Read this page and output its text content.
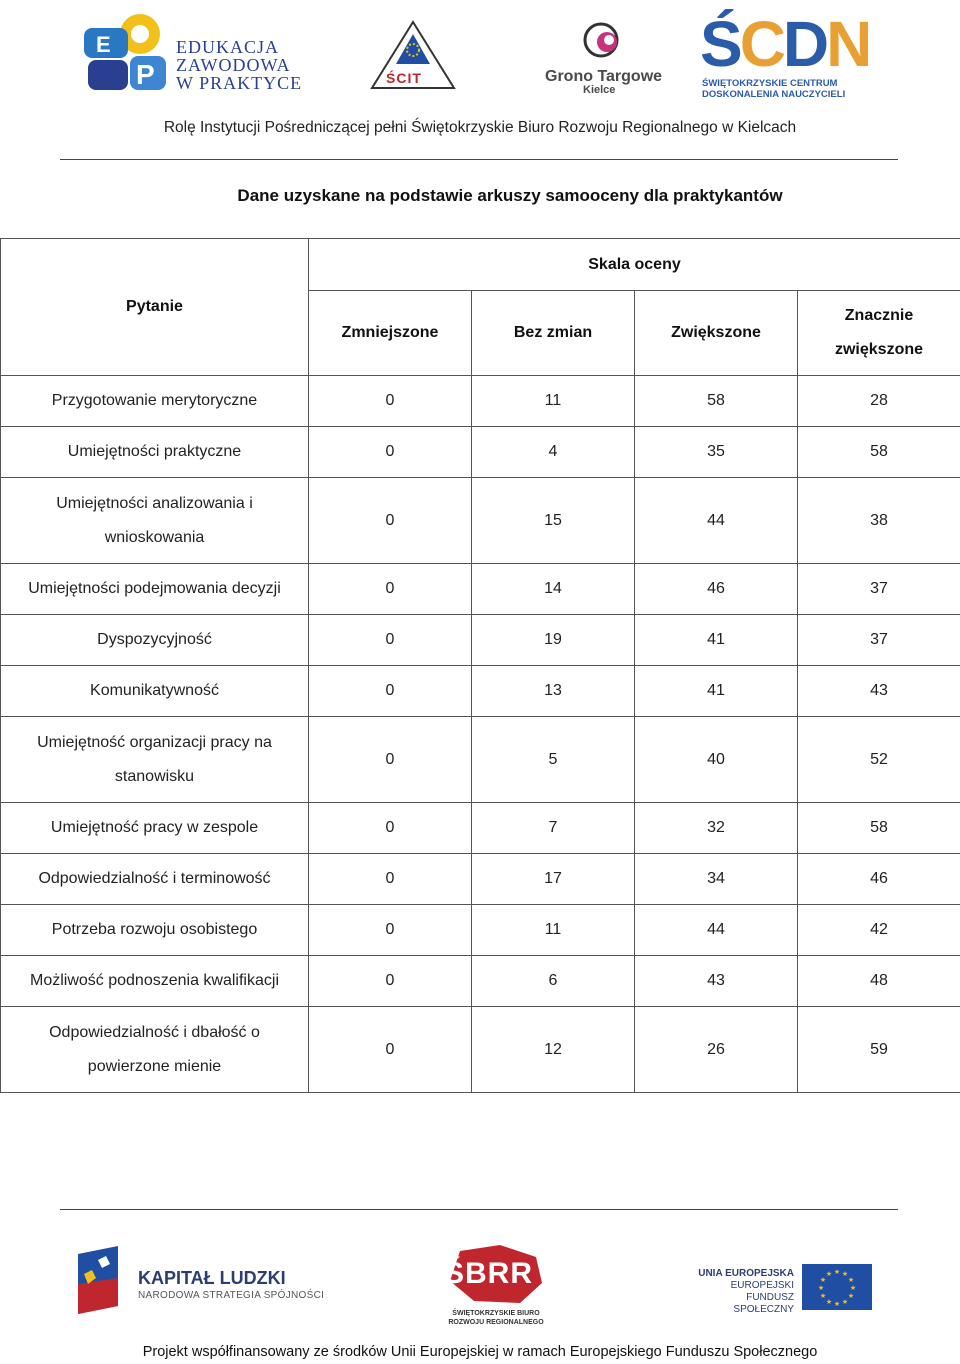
P
E	EDUKACJA
ZAWODOWA
W PRAKTYCE	ŚCIT	Grono Targowe
Kielce
ŚCDN
ŚWIĘTOKRZYSKIE CENTRUM
DOSKONALENIA NAUCZYCIELI
Rolę Instytucji Pośredniczącej pełni Świętokrzyskie Biuro Rozwoju Regionalnego w Kielcach
Dane uzyskane na podstawie arkuszy samooceny dla praktykantów
Pytanie	Skala oceny			
	Zmniejszone	Bez zmian	Zwiększone	Znacznie
zwiększone

Przygotowanie merytoryczne	0	11	58	28
Umiejętności praktyczne	0	4	35	58

Umiejętności analizowania i
wnioskowania	0	15	44	38
Umiejętności podejmowania decyzji	0	14	46	37
Dyspozycyjność	0	19	41	37
Komunikatywność	0	13	41	43

Umiejętność organizacji pracy na
stanowisku	0	5	40	52
Umiejętność pracy w zespole	0	7	32	58
Odpowiedzialność i terminowość	0	17	34	46
Potrzeba rozwoju osobistego	0	11	44	42
Możliwość podnoszenia kwalifikacji	0	6	43	48

Odpowiedzialność i dbałość o
powierzone mienie	0	12	26	59
KAPITAŁ LUDZKI
NARODOWA STRATEGIA SPÓJNOŚCI
ŚBRR
ŚWIĘTOKRZYSKIE BIURO
ROZWOJU REGIONALNEGO
UNIA EUROPEJSKA
EUROPEJSKI
FUNDUSZ SPOŁECZNY
★ ★
★
★
★
★
★
★
★
★
★
★
Projekt współfinansowany ze środków Unii Europejskiej w ramach Europejskiego Funduszu Społecznego
